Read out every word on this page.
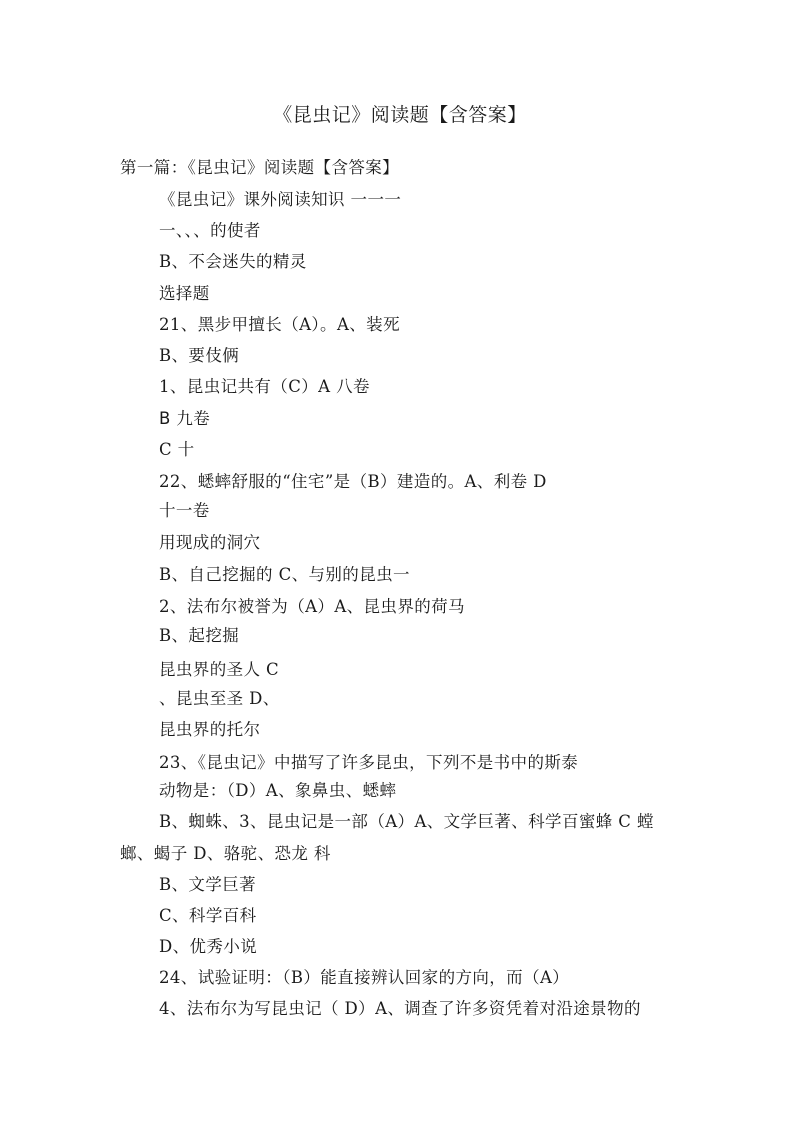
《昆虫记》阅读题【含答案】
第一篇：《昆虫记》阅读题【含答案】
《昆虫记》课外阅读知识 一一一
一、、、的使者
B、不会迷失的精灵
选择题
21、黑步甲擅长（A）。A、装死
B、要伎俩
1、昆虫记共有（C）A 八卷
B 九卷
C 十
22、蟋蟀舒服的“住宅”是（B）建造的。A、利卷 D
十一卷
用现成的洞穴
B、自己挖掘的 C、与别的昆虫一
2、法布尔被誉为（A）A、昆虫界的荷马
B、起挖掘
昆虫界的圣人 C
、昆虫至圣 D、
昆虫界的托尔
23、《昆虫记》中描写了许多昆虫，下列不是书中的斯泰
动物是：（D）A、象鼻虫、蟋蟀
B、蜘蛛、3、昆虫记是一部（A）A、文学巨著、科学百蜜蜂 C 螳
螂、蝎子 D、骆驼、恐龙 科
B、文学巨著
C、科学百科
D、优秀小说
24、试验证明：（B）能直接辨认回家的方向，而（A）
4、法布尔为写昆虫记（ D）A、调查了许多资凭着对沿途景物的
